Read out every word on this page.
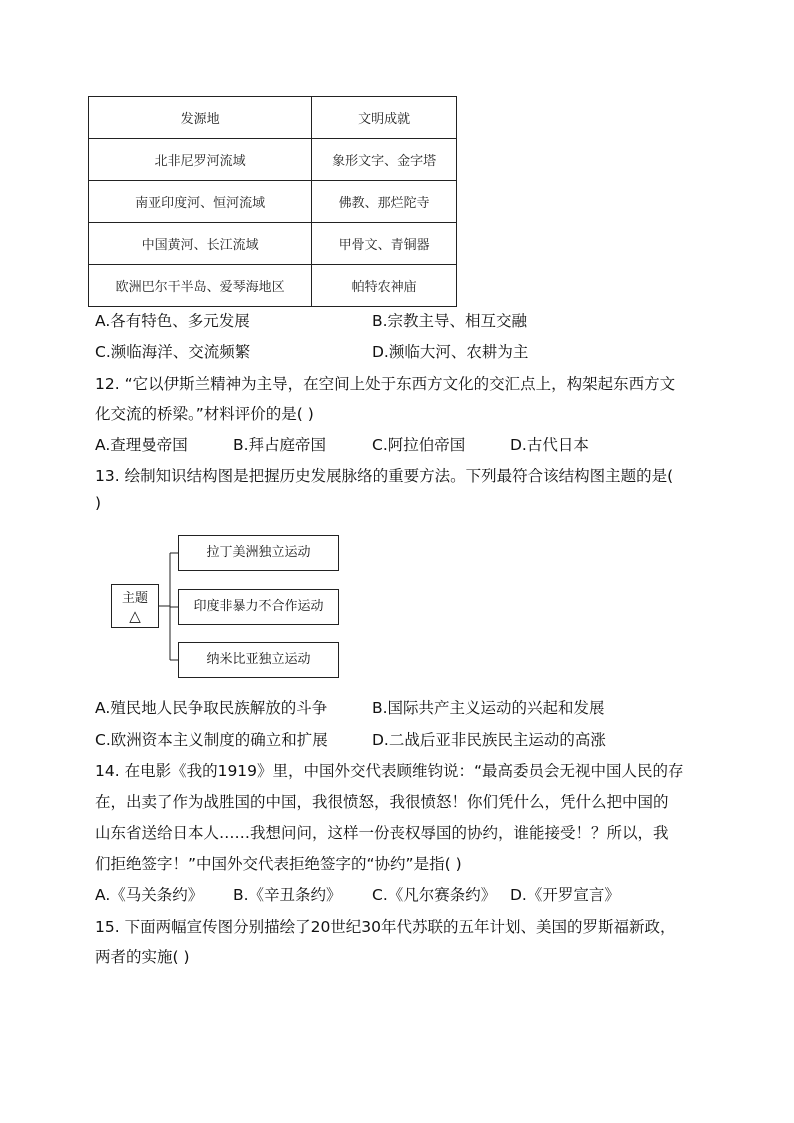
发源地	文明成就
北非尼罗河流域	象形文字、金字塔
南亚印度河、恒河流域	佛教、那烂陀寺
中国黄河、长江流域	甲骨文、青铜器
欧洲巴尔干半岛、爱琴海地区	帕特农神庙
A.各有特色、多元发展	B.宗教主导、相互交融
C.濒临海洋、交流频繁	D.濒临大河、农耕为主
12. “它以伊斯兰精神为主导，在空间上处于东西方文化的交汇点上，构架起东西方文
化交流的桥梁。”材料评价的是( )
A.查理曼帝国	B.拜占庭帝国	C.阿拉伯帝国	D.古代日本
13. 绘制知识结构图是把握历史发展脉络的重要方法。下列最符合该结构图主题的是(
)
主题
△
拉丁美洲独立运动
印度非暴力不合作运动
纳米比亚独立运动
A.殖民地人民争取民族解放的斗争	B.国际共产主义运动的兴起和发展
C.欧洲资本主义制度的确立和扩展	D.二战后亚非民族民主运动的高涨
14. 在电影《我的1919》里，中国外交代表顾维钧说：“最高委员会无视中国人民的存
在，出卖了作为战胜国的中国，我很愤怒，我很愤怒！你们凭什么，凭什么把中国的
山东省送给日本人……我想问问，这样一份丧权辱国的协约，谁能接受！？所以，我
们拒绝签字！”中国外交代表拒绝签字的“协约”是指( )
A.《马关条约》 B.《辛丑条约》 C.《凡尔赛条约》 D.《开罗宣言》
15. 下面两幅宣传图分别描绘了20世纪30年代苏联的五年计划、美国的罗斯福新政，
两者的实施( )
